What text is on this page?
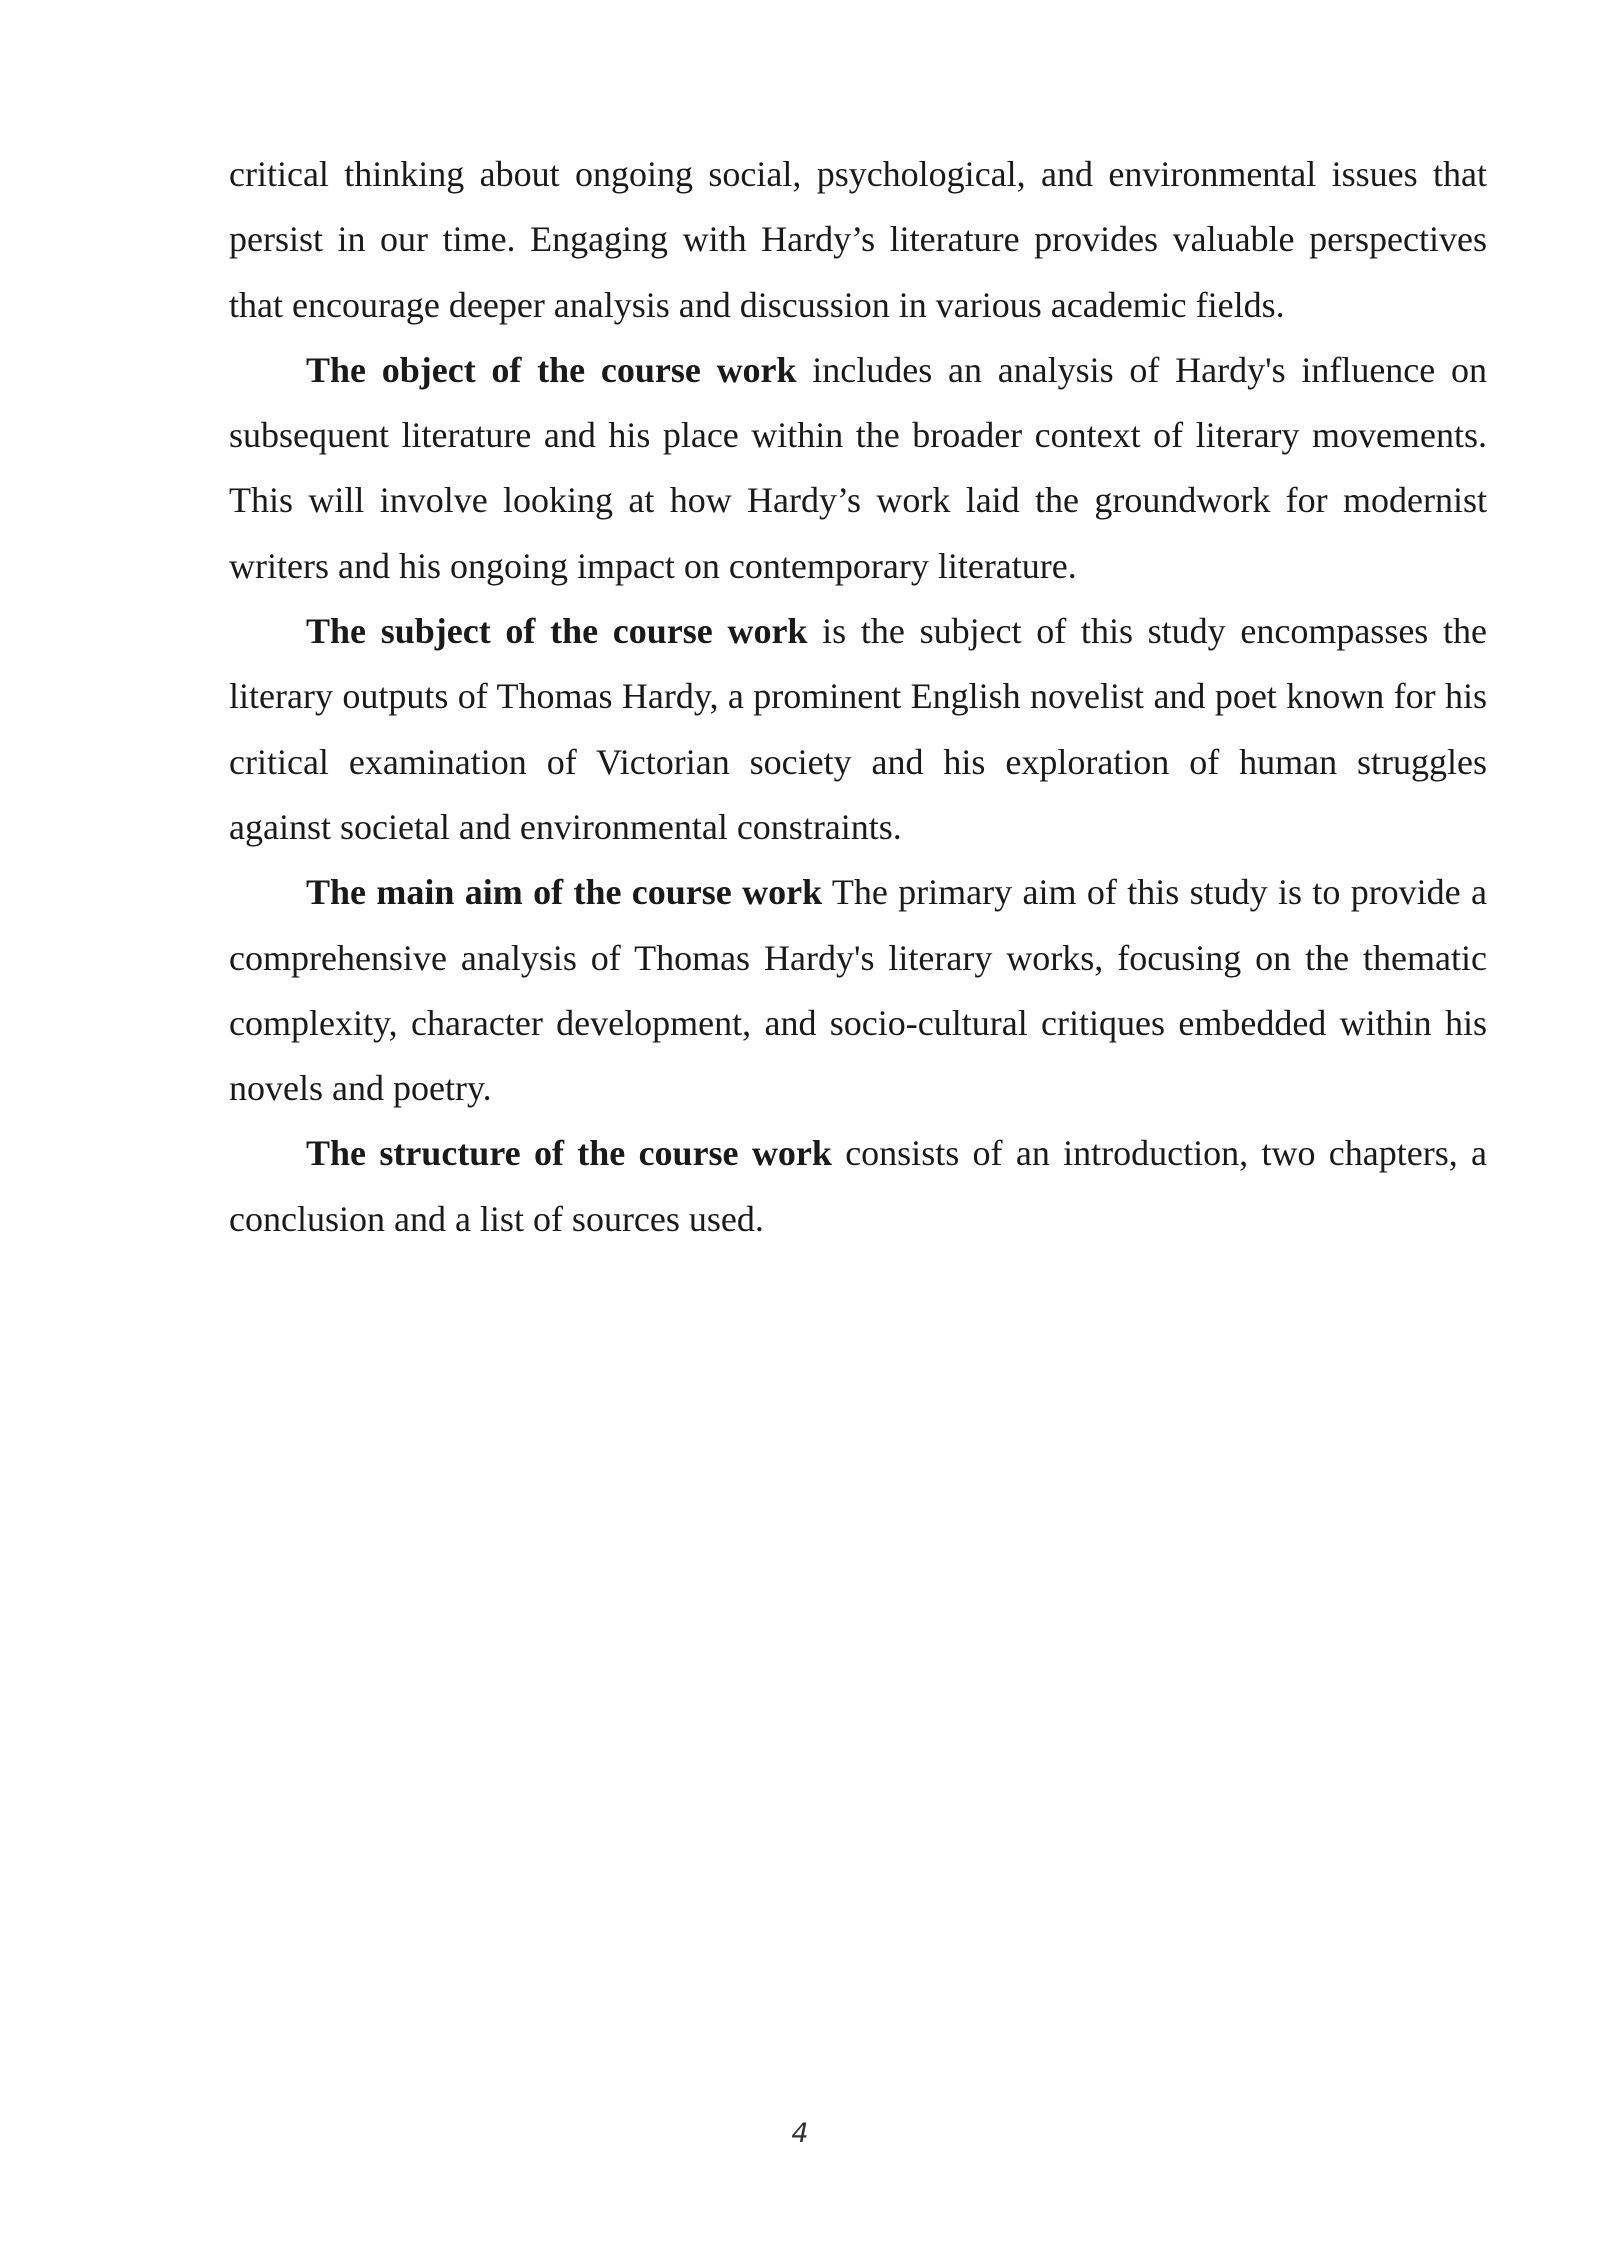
critical thinking about ongoing social, psychological, and environmental issues that persist in our time. Engaging with Hardy’s literature provides valuable perspectives that encourage deeper analysis and discussion in various academic fields.

The object of the course work includes an analysis of Hardy's influence on subsequent literature and his place within the broader context of literary movements. This will involve looking at how Hardy’s work laid the groundwork for modernist writers and his ongoing impact on contemporary literature.

The subject of the course work is the subject of this study encompasses the literary outputs of Thomas Hardy, a prominent English novelist and poet known for his critical examination of Victorian society and his exploration of human struggles against societal and environmental constraints.

The main aim of the course work The primary aim of this study is to provide a comprehensive analysis of Thomas Hardy's literary works, focusing on the thematic complexity, character development, and socio-cultural critiques embedded within his novels and poetry.

The structure of the course work consists of an introduction, two chapters, a conclusion and a list of sources used.

4
